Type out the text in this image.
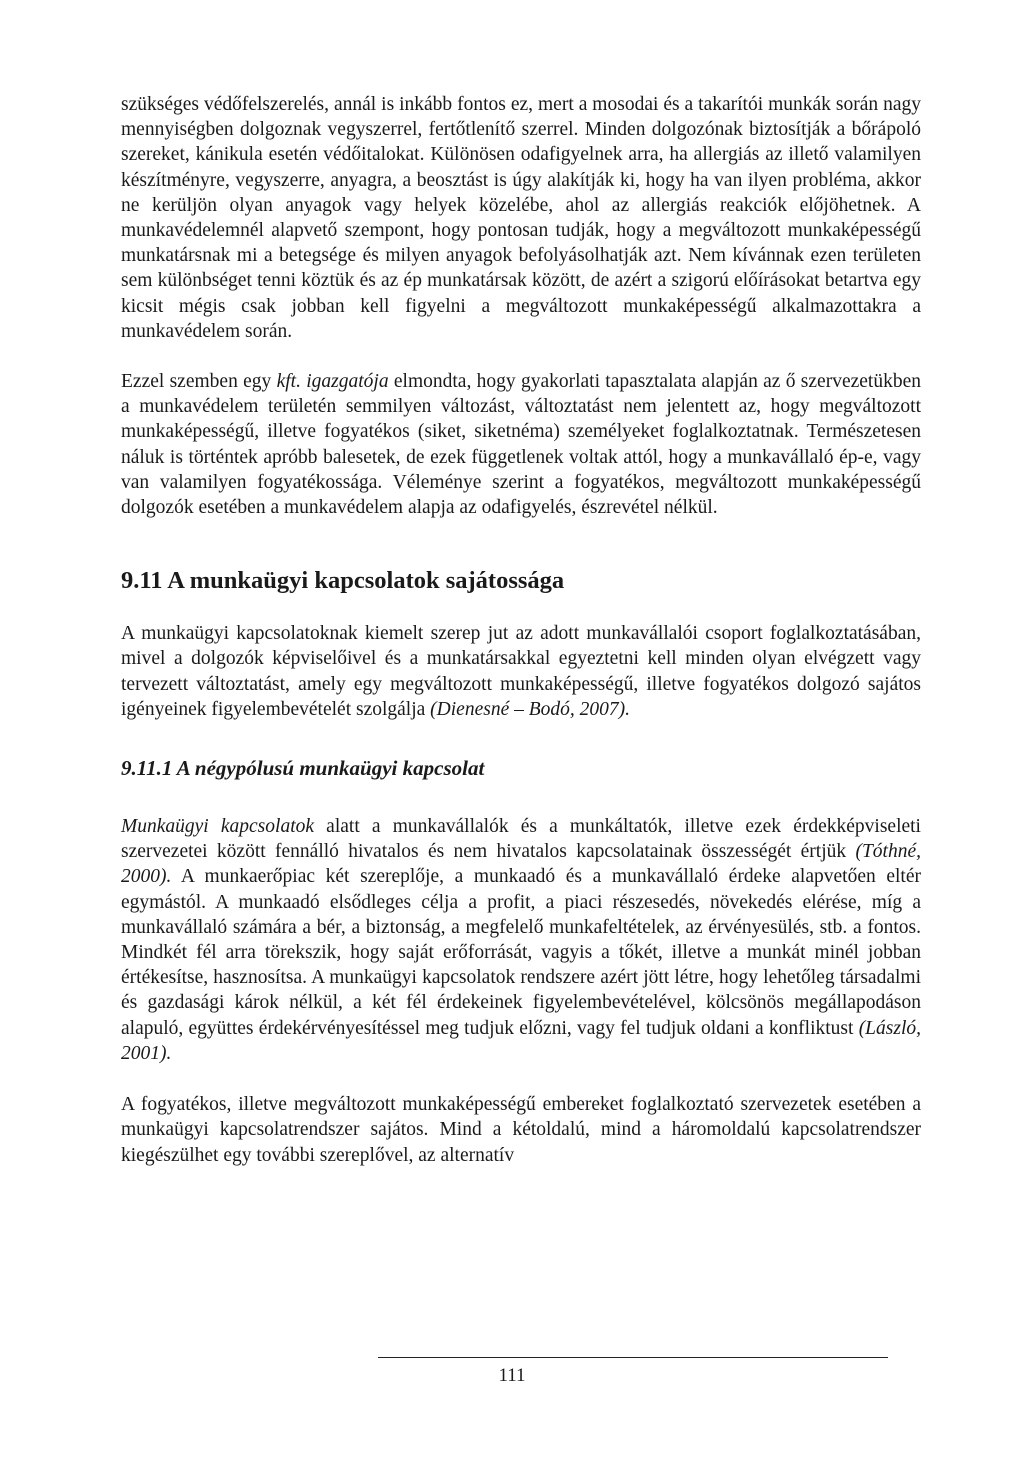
szükséges védőfelszerelés, annál is inkább fontos ez, mert a mosodai és a takarítói munkák során nagy mennyiségben dolgoznak vegyszerrel, fertőtlenítő szerrel. Minden dolgozónak biztosítják a bőrápoló szereket, kánikula esetén védőitalokat. Különösen odafigyelnek arra, ha allergiás az illető valamilyen készítményre, vegyszerre, anyagra, a beosztást is úgy alakítják ki, hogy ha van ilyen probléma, akkor ne kerüljön olyan anyagok vagy helyek közelébe, ahol az allergiás reakciók előjöhetnek. A munkavédelemnél alapvető szempont, hogy pontosan tudják, hogy a megváltozott munkaképességű munkatársnak mi a betegsége és milyen anyagok befolyásolhatják azt. Nem kívánnak ezen területen sem különbséget tenni köztük és az ép munkatársak között, de azért a szigorú előírásokat betartva egy kicsit mégis csak jobban kell figyelni a megváltozott munkaképességű alkalmazottakra a munkavédelem során.

Ezzel szemben egy kft. igazgatója elmondta, hogy gyakorlati tapasztalata alapján az ő szervezetükben a munkavédelem területén semmilyen változást, változtatást nem jelentett az, hogy megváltozott munkaképességű, illetve fogyatékos (siket, siketnéma) személyeket foglalkoztatnak. Természetesen náluk is történtek apróbb balesetek, de ezek függetlenek voltak attól, hogy a munkavállaló ép-e, vagy van valamilyen fogyatékossága. Véleménye szerint a fogyatékos, megváltozott munkaképességű dolgozók esetében a munkavédelem alapja az odafigyelés, észrevétel nélkül.

9.11 A munkaügyi kapcsolatok sajátossága

A munkaügyi kapcsolatoknak kiemelt szerep jut az adott munkavállalói csoport foglalkoztatásában, mivel a dolgozók képviselőivel és a munkatársakkal egyeztetni kell minden olyan elvégzett vagy tervezett változtatást, amely egy megváltozott munkaképességű, illetve fogyatékos dolgozó sajátos igényeinek figyelembevételét szolgálja (Dienesné – Bodó, 2007).

9.11.1 A négypólusú munkaügyi kapcsolat

Munkaügyi kapcsolatok alatt a munkavállalók és a munkáltatók, illetve ezek érdekképviseleti szervezetei között fennálló hivatalos és nem hivatalos kapcsolatainak összességét értjük (Tóthné, 2000). A munkaerőpiac két szereplője, a munkaadó és a munkavállaló érdeke alapvetően eltér egymástól. A munkaadó elsődleges célja a profit, a piaci részesedés, növekedés elérése, míg a munkavállaló számára a bér, a biztonság, a megfelelő munkafeltételek, az érvényesülés, stb. a fontos. Mindkét fél arra törekszik, hogy saját erőforrását, vagyis a tőkét, illetve a munkát minél jobban értékesítse, hasznosítsa. A munkaügyi kapcsolatok rendszere azért jött létre, hogy lehetőleg társadalmi és gazdasági károk nélkül, a két fél érdekeinek figyelembevételével, kölcsönös megállapodáson alapuló, együttes érdekérvényesítéssel meg tudjuk előzni, vagy fel tudjuk oldani a konfliktust (László, 2001).

A fogyatékos, illetve megváltozott munkaképességű embereket foglalkoztató szervezetek esetében a munkaügyi kapcsolatrendszer sajátos. Mind a kétoldalú, mind a háromoldalú kapcsolatrendszer kiegészülhet egy további szereplővel, az alternatív

111
